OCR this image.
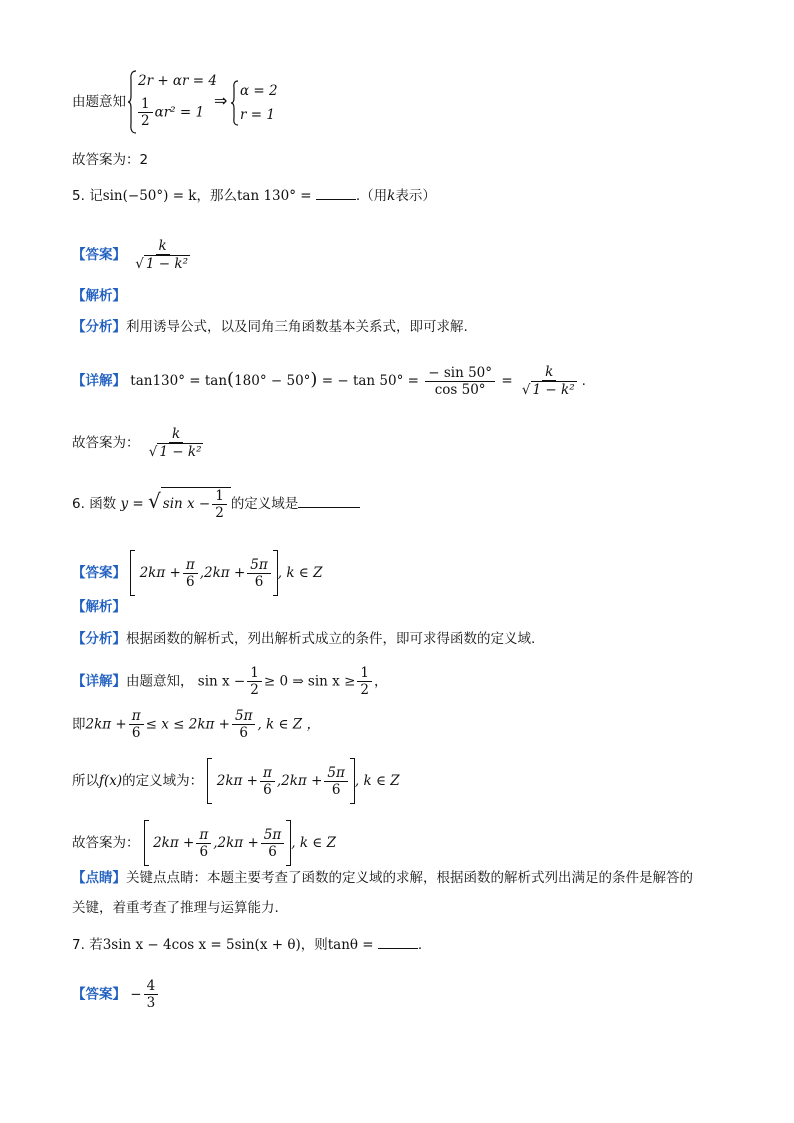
由题意知
2r + αr = 4
$\frac{1}{2} \alpha r^2 = 1$
⇒ α = 2
r = 1
故答案为：2
5. 记sin(−50°) = k，那么tan 130° =	.（用k表示）
【答案】 $\frac{k}{\text{√ 1 − k²}}$
【解析】
【分析】利用诱导公式，以及同角三角函数基本关系式，即可求解.
【详解】 tan130° = tan(180° − 50°) = − $\tan 50^\circ = \frac{- \sin 50^\circ}{\cos 50^\circ} = \frac{k}{\text{√ 1 − k²}}$ .
故答案为： $\frac{k}{\text{√ 1 − k²}}$
6. 函数 y = √ $\sin x - \frac{1}{2}$ 的定义域是
【答案】 $2k\pi + \frac{\pi}{6} ,2k\pi + \frac{5\pi}{6}$ , k ∈ Z
【解析】
【分析】根据函数的解析式，列出解析式成立的条件，即可求得函数的定义域.
【详解】由题意知， $\sin x - \frac{1}{2} \ge 0$ ⇒ $\sin x \ge \frac{1}{2}$ ，
即$2k\pi + \frac{\pi}{6} \le x \le 2k\pi + \frac{5\pi}{6}$ , k ∈ Z ，
所以f(x)的定义域为： $2k\pi + \frac{\pi}{6} ,2k\pi + \frac{5\pi}{6}$ , k ∈ Z
故答案为： $2k\pi + \frac{\pi}{6} ,2k\pi + \frac{5\pi}{6}$ , k ∈ Z
【点睛】关键点点睛：本题主要考查了函数的定义域的求解，根据函数的解析式列出满足的条件是解答的
关键，着重考查了推理与运算能力.
7. 若3sin x − 4cos x = 5sin(x + θ)，则tanθ =	.
【答案】 − $\frac{4}{3}$
